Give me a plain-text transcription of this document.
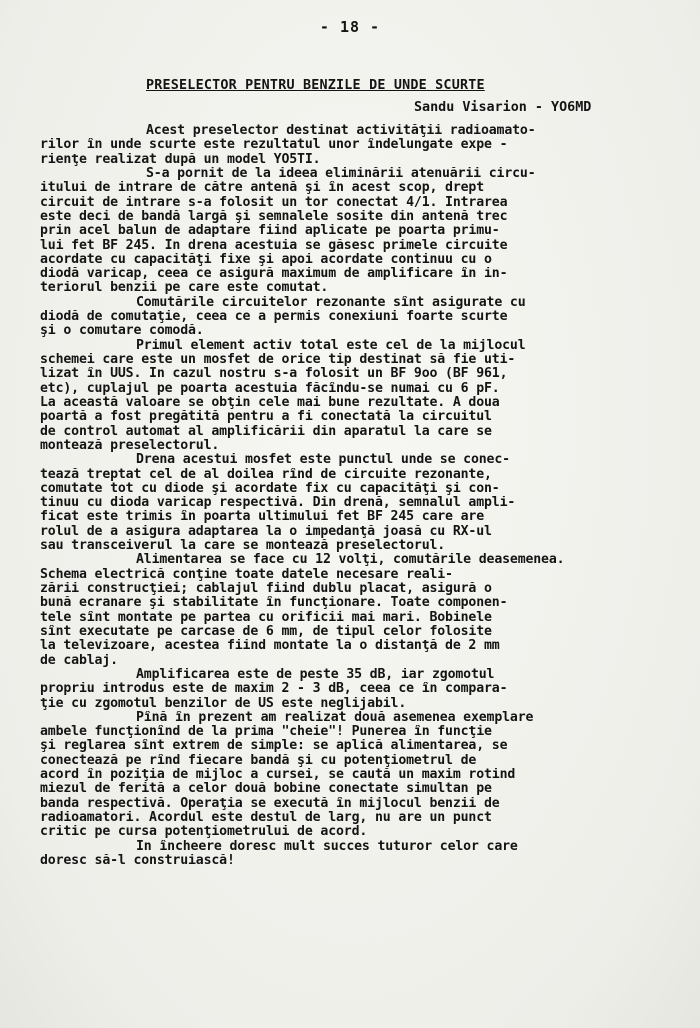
- 18 -
PRESELECTOR PENTRU BENZILE DE UNDE SCURTE
Sandu Visarion - YO6MD
Acest preselector destinat activităţii radioamato-
rilor în unde scurte este rezultatul unor îndelungate expe -
rienţe realizat după un model YO5TI.
S-a pornit de la ideea eliminării atenuării circu-
itului de intrare de către antenă şi în acest scop, drept
circuit de intrare s-a folosit un tor conectat 4/1. Intrarea
este deci de bandă largă şi semnalele sosite din antenă trec
prin acel balun de adaptare fiind aplicate pe poarta primu-
lui fet BF 245. În drena acestuia se găsesc primele circuite
acordate cu capacităţi fixe şi apoi acordate continuu cu o
diodă varicap, ceea ce asigură maximum de amplificare în in-
teriorul benzii pe care este comutat.
Comutările circuitelor rezonante sînt asigurate cu
diodă de comutaţie, ceea ce a permis conexiuni foarte scurte
şi o comutare comodă.
Primul element activ total este cel de la mijlocul
schemei care este un mosfet de orice tip destinat să fie uti-
lizat în UUS. În cazul nostru s-a folosit un BF 9oo (BF 961,
etc), cuplajul pe poarta acestuia făcîndu-se numai cu 6 pF.
La această valoare se obţin cele mai bune rezultate. A doua
poartă a fost pregătită pentru a fi conectată la circuitul
de control automat al amplificării din aparatul la care se
montează preselectorul.
Drena acestui mosfet este punctul unde se conec-
tează treptat cel de al doilea rînd de circuite rezonante,
comutate tot cu diode şi acordate fix cu capacităţi şi con-
tinuu cu dioda varicap respectivă. Din drenă, semnalul ampli-
ficat este trimis în poarta ultimului fet BF 245 care are
rolul de a asigura adaptarea la o impedanţă joasă cu RX-ul
sau transceiverul la care se montează preselectorul.
Alimentarea se face cu 12 volţi, comutările deasemenea.
Schema electrică conţine toate datele necesare reali-
zării construcţiei; cablajul fiind dublu placat, asigură o
bună ecranare şi stabilitate în funcţionare. Toate componen-
tele sînt montate pe partea cu orificii mai mari. Bobinele
sînt executate pe carcase de 6 mm, de tipul celor folosite
la televizoare, acestea fiind montate la o distanţă de 2 mm
de cablaj.
Amplificarea este de peste 35 dB, iar zgomotul
propriu introdus este de maxim 2 - 3 dB, ceea ce în compara-
ţie cu zgomotul benzilor de US este neglijabil.
Pînă în prezent am realizat două asemenea exemplare
ambele funcţionînd de la prima "cheie"! Punerea în funcţie
şi reglarea sînt extrem de simple: se aplică alimentarea, se
conectează pe rînd fiecare bandă şi cu potenţiometrul de
acord în poziţia de mijloc a cursei, se caută un maxim rotind
miezul de ferită a celor două bobine conectate simultan pe
banda respectivă. Operaţia se execută în mijlocul benzii de
radioamatori. Acordul este destul de larg, nu are un punct
critic pe cursa potenţiometrului de acord.
În încheere doresc mult succes tuturor celor care
doresc să-l construiască!
